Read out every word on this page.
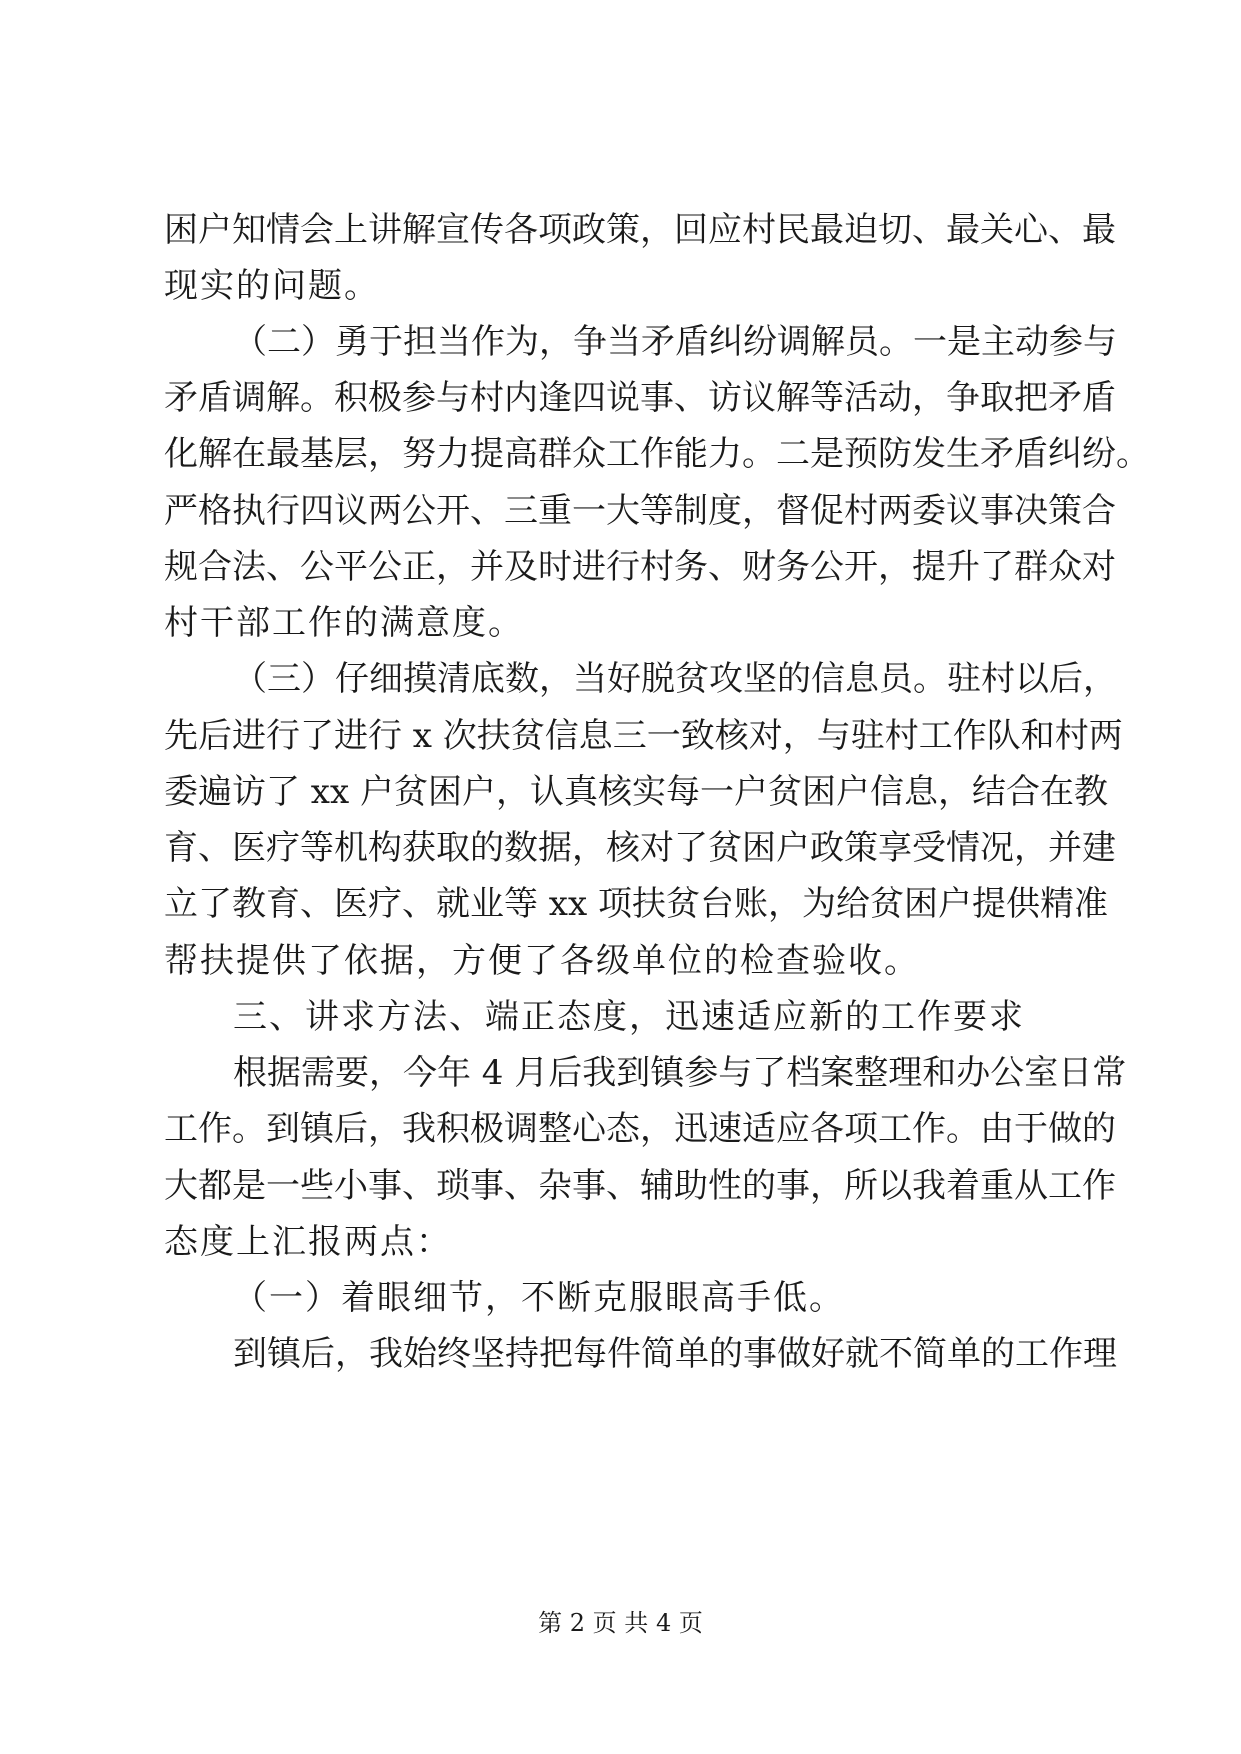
困户知情会上讲解宣传各项政策，回应村民最迫切、最关心、最
现实的问题。
（二）勇于担当作为，争当矛盾纠纷调解员。一是主动参与
矛盾调解。积极参与村内逢四说事、访议解等活动，争取把矛盾
化解在最基层，努力提高群众工作能力。二是预防发生矛盾纠纷。
严格执行四议两公开、三重一大等制度，督促村两委议事决策合
规合法、公平公正，并及时进行村务、财务公开，提升了群众对
村干部工作的满意度。
（三）仔细摸清底数，当好脱贫攻坚的信息员。驻村以后，
先后进行了进行 x 次扶贫信息三一致核对，与驻村工作队和村两
委遍访了 xx 户贫困户，认真核实每一户贫困户信息，结合在教
育、医疗等机构获取的数据，核对了贫困户政策享受情况，并建
立了教育、医疗、就业等 xx 项扶贫台账，为给贫困户提供精准
帮扶提供了依据，方便了各级单位的检查验收。
三、讲求方法、端正态度，迅速适应新的工作要求
根据需要，今年 4 月后我到镇参与了档案整理和办公室日常
工作。到镇后，我积极调整心态，迅速适应各项工作。由于做的
大都是一些小事、琐事、杂事、辅助性的事，所以我着重从工作
态度上汇报两点：
（一）着眼细节，不断克服眼高手低。
到镇后，我始终坚持把每件简单的事做好就不简单的工作理
第 2 页 共 4 页
